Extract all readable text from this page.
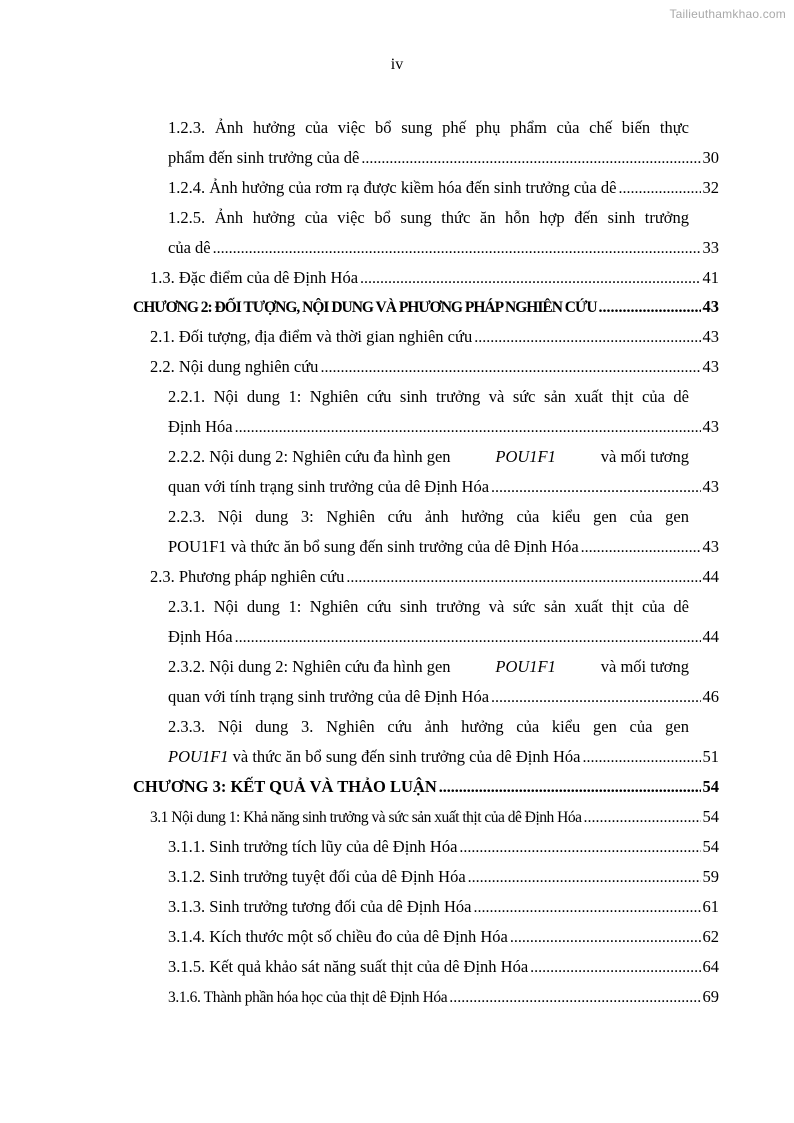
Tailieuthamkhao.com
iv
1.2.3. Ảnh hưởng của việc bổ sung phế phụ phẩm của chế biến thực
phẩm đến sinh trưởng của dê .....	30
1.2.4. Ảnh hưởng của rơm rạ được kiềm hóa đến sinh trưởng của dê .....	32
1.2.5. Ảnh hưởng của việc bổ sung thức ăn hỗn hợp đến sinh trưởng
của dê .....	33
1.3. Đặc điểm của dê Định Hóa .....	41
CHƯƠNG 2: ĐỐI TƯỢNG, NỘI DUNG VÀ PHƯƠNG PHÁP NGHIÊN CỨU .....	43
2.1. Đối tượng, địa điểm và thời gian nghiên cứu .....	43
2.2. Nội dung nghiên cứu .....	43
2.2.1. Nội dung 1: Nghiên cứu sinh trưởng và sức sản xuất thịt của dê
Định Hóa .....	43
2.2.2. Nội dung 2: Nghiên cứu đa hình gen	POU1F1	và mối tương
quan với tính trạng sinh trưởng của dê Định Hóa .....	43
2.2.3. Nội dung 3: Nghiên cứu ảnh hưởng của kiểu gen của gen
POU1F1 và thức ăn bổ sung đến sinh trưởng của dê Định Hóa .....	43
2.3. Phương pháp nghiên cứu .....	44
2.3.1. Nội dung 1: Nghiên cứu sinh trưởng và sức sản xuất thịt của dê
Định Hóa .....	44
2.3.2. Nội dung 2: Nghiên cứu đa hình gen	POU1F1	và mối tương
quan với tính trạng sinh trưởng của dê Định Hóa .....	46
2.3.3. Nội dung 3. Nghiên cứu ảnh hưởng của kiểu gen của gen
POU1F1 và thức ăn bổ sung đến sinh trưởng của dê Định Hóa .....	51
CHƯƠNG 3: KẾT QUẢ VÀ THẢO LUẬN .....	54
3.1 Nội dung 1: Khả năng sinh trưởng và sức sản xuất thịt của dê Định Hóa .....	54
3.1.1. Sinh trưởng tích lũy của dê Định Hóa .....	54
3.1.2. Sinh trưởng tuyệt đối của dê Định Hóa .....	59
3.1.3. Sinh trưởng tương đối của dê Định Hóa .....	61
3.1.4. Kích thước một số chiều đo của dê Định Hóa .....	62
3.1.5. Kết quả khảo sát năng suất thịt của dê Định Hóa .....	64
3.1.6. Thành phần hóa học của thịt dê Định Hóa .....	69
